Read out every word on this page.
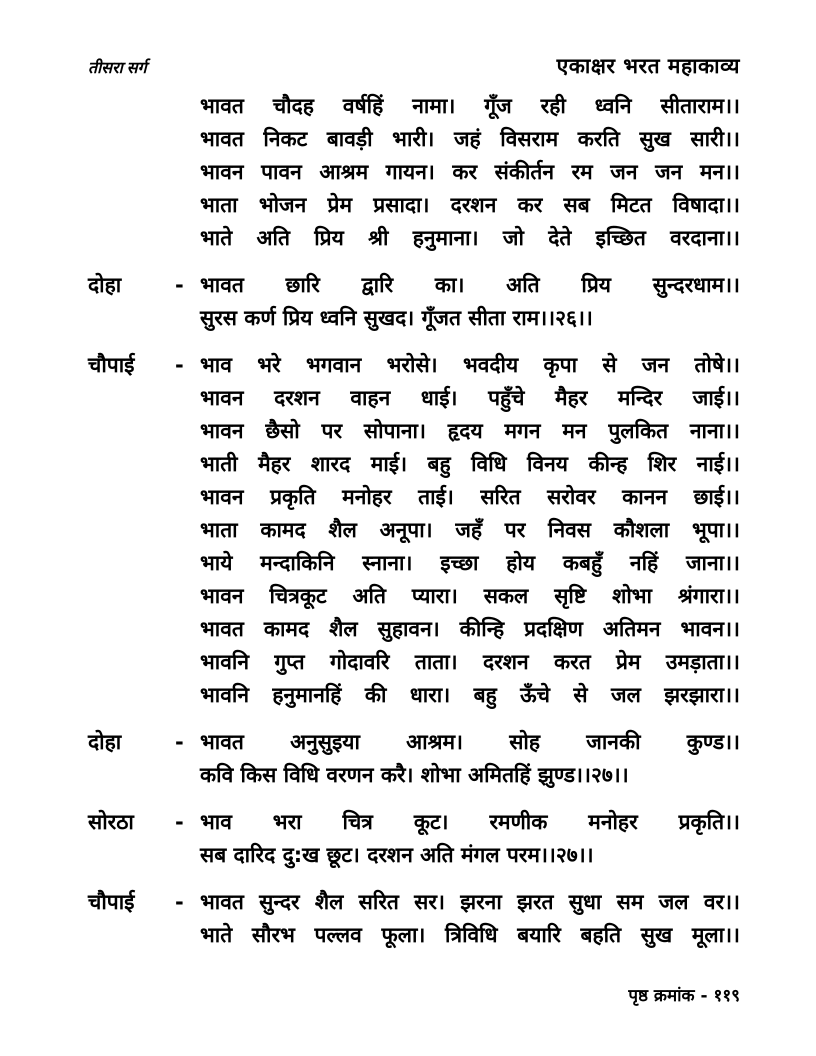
तीसरा सर्ग	एकाक्षर भरत महाकाव्य
भावत चौदह वर्षहिं नामा। गूँज रही ध्वनि सीताराम।।
भावत निकट बावड़ी भारी। जहं विसराम करति सुख सारी।।
भावन पावन आश्रम गायन। कर संकीर्तन रम जन जन मन।।
भाता भोजन प्रेम प्रसादा। दरशन कर सब मिटत विषादा।।
भाते अति प्रिय श्री हनुमाना। जो देते इच्छित वरदाना।।
दोहा	- भावत छारि द्वारि का। अति प्रिय सुन्दरधाम।।
सुरस कर्ण प्रिय ध्वनि सुखद। गूँजत सीता राम।।२६।।
चौपाई	- भाव भरे भगवान भरोसे। भवदीय कृपा से जन तोषे।।
भावन दरशन वाहन धाई। पहुँचे मैहर मन्दिर जाई।।
भावन छैसो पर सोपाना। हृदय मगन मन पुलकित नाना।।
भाती मैहर शारद माई। बहु विधि विनय कीन्ह शिर नाई।।
भावन प्रकृति मनोहर ताई। सरित सरोवर कानन छाई।।
भाता कामद शैल अनूपा। जहँ पर निवस कौशला भूपा।।
भाये मन्दाकिनि स्नाना। इच्छा होय कबहुँ नहिं जाना।।
भावन चित्रकूट अति प्यारा। सकल सृष्टि शोभा श्रंगारा।।
भावत कामद शैल सुहावन। कीन्हि प्रदक्षिण अतिमन भावन।।
भावनि गुप्त गोदावरि ताता। दरशन करत प्रेम उमड़ाता।।
भावनि हनुमानहिं की धारा। बहु ऊँचे से जल झरझारा।।
दोहा	- भावत अनुसुइया आश्रम। सोह जानकी कुण्ड।।
कवि किस विधि वरणन करै। शोभा अमितहिं झुण्ड।।२७।।
सोरठा	- भाव भरा चित्र कूट। रमणीक मनोहर प्रकृति।।
सब दारिद दु:ख छूट। दरशन अति मंगल परम।।२७।।
चौपाई	- भावत सुन्दर शैल सरित सर। झरना झरत सुधा सम जल वर।।
भाते सौरभ पल्लव फूला। त्रिविधि बयारि बहति सुख मूला।।
पृष्ठ क्रमांक - ११९
